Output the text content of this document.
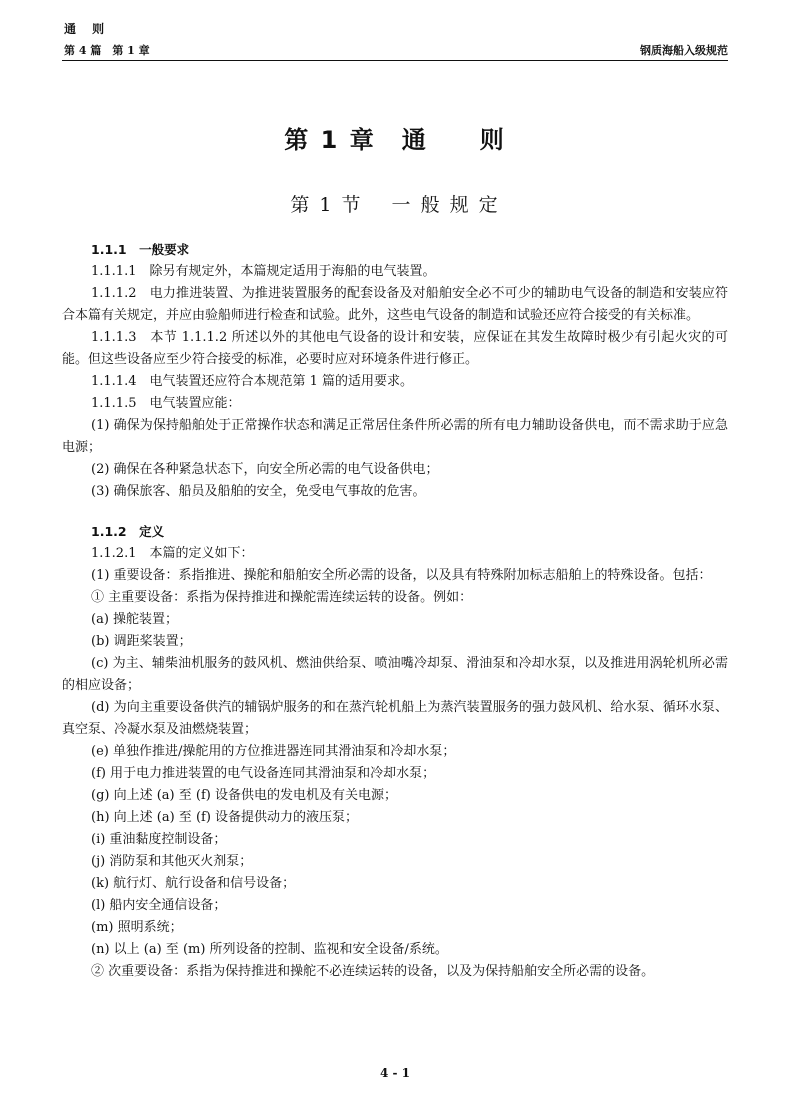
通 则
第 4 篇　第 1 章	钢质海船入级规范
第 1 章　通　　则
第 1 节　 一 般 规 定

1.1.1　一般要求

1.1.1.1　除另有规定外，本篇规定适用于海船的电气装置。

1.1.1.2　电力推进装置、为推进装置服务的配套设备及对船舶安全必不可少的辅助电气设备的制造和安装应符合本篇有关规定，并应由验船师进行检查和试验。此外，这些电气设备的制造和试验还应符合接受的有关标准。

1.1.1.3　本节 1.1.1.2 所述以外的其他电气设备的设计和安装，应保证在其发生故障时极少有引起火灾的可能。但这些设备应至少符合接受的标准，必要时应对环境条件进行修正。

1.1.1.4　电气装置还应符合本规范第 1 篇的适用要求。

1.1.1.5　电气装置应能：

(1) 确保为保持船舶处于正常操作状态和满足正常居住条件所必需的所有电力辅助设备供电，而不需求助于应急电源；

(2) 确保在各种紧急状态下，向安全所必需的电气设备供电；

(3) 确保旅客、船员及船舶的安全，免受电气事故的危害。

1.1.2　定义

1.1.2.1　本篇的定义如下：

(1) 重要设备：系指推进、操舵和船舶安全所必需的设备，以及具有特殊附加标志船舶上的特殊设备。包括：

① 主重要设备：系指为保持推进和操舵需连续运转的设备。例如：

(a) 操舵装置；

(b) 调距桨装置；

(c) 为主、辅柴油机服务的鼓风机、燃油供给泵、喷油嘴冷却泵、滑油泵和冷却水泵，以及推进用涡轮机所必需的相应设备；

(d) 为向主重要设备供汽的辅锅炉服务的和在蒸汽轮机船上为蒸汽装置服务的强力鼓风机、给水泵、循环水泵、真空泵、冷凝水泵及油燃烧装置；

(e) 单独作推进/操舵用的方位推进器连同其滑油泵和冷却水泵；

(f) 用于电力推进装置的电气设备连同其滑油泵和冷却水泵；

(g) 向上述 (a) 至 (f) 设备供电的发电机及有关电源；

(h) 向上述 (a) 至 (f) 设备提供动力的液压泵；

(i) 重油黏度控制设备；

(j) 消防泵和其他灭火剂泵；

(k) 航行灯、航行设备和信号设备；

(l) 船内安全通信设备；

(m) 照明系统；

(n) 以上 (a) 至 (m) 所列设备的控制、监视和安全设备/系统。

② 次重要设备：系指为保持推进和操舵不必连续运转的设备，以及为保持船舶安全所必需的设备。

4 - 1
